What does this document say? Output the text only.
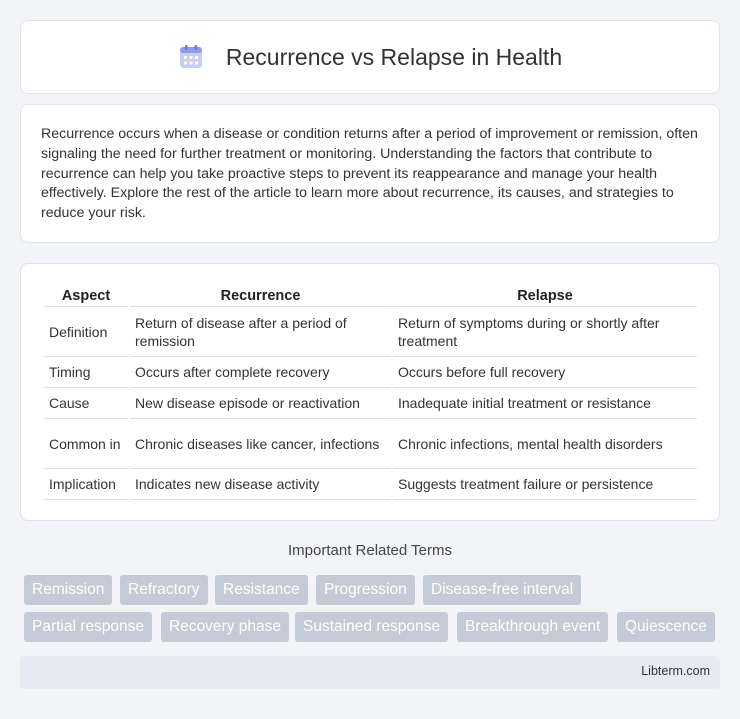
Recurrence vs Relapse in Health

Recurrence occurs when a disease or condition returns after a period of improvement or remission, often signaling the need for further treatment or monitoring. Understanding the factors that contribute to recurrence can help you take proactive steps to prevent its reappearance and manage your health effectively. Explore the rest of the article to learn more about recurrence, its causes, and strategies to reduce your risk.

Aspect	Recurrence	Relapse
Definition	Return of disease after a period of remission	Return of symptoms during or shortly after treatment
Timing	Occurs after complete recovery	Occurs before full recovery
Cause	New disease episode or reactivation	Inadequate initial treatment or resistance
Common in	Chronic diseases like cancer, infections	Chronic infections, mental health disorders
Implication	Indicates new disease activity	Suggests treatment failure or persistence
Important Related Terms
Remission	Refractory	Resistance	Progression	Disease-free interval
Partial response	Recovery phase	Sustained response	Breakthrough event	Quiescence
Libterm.com
